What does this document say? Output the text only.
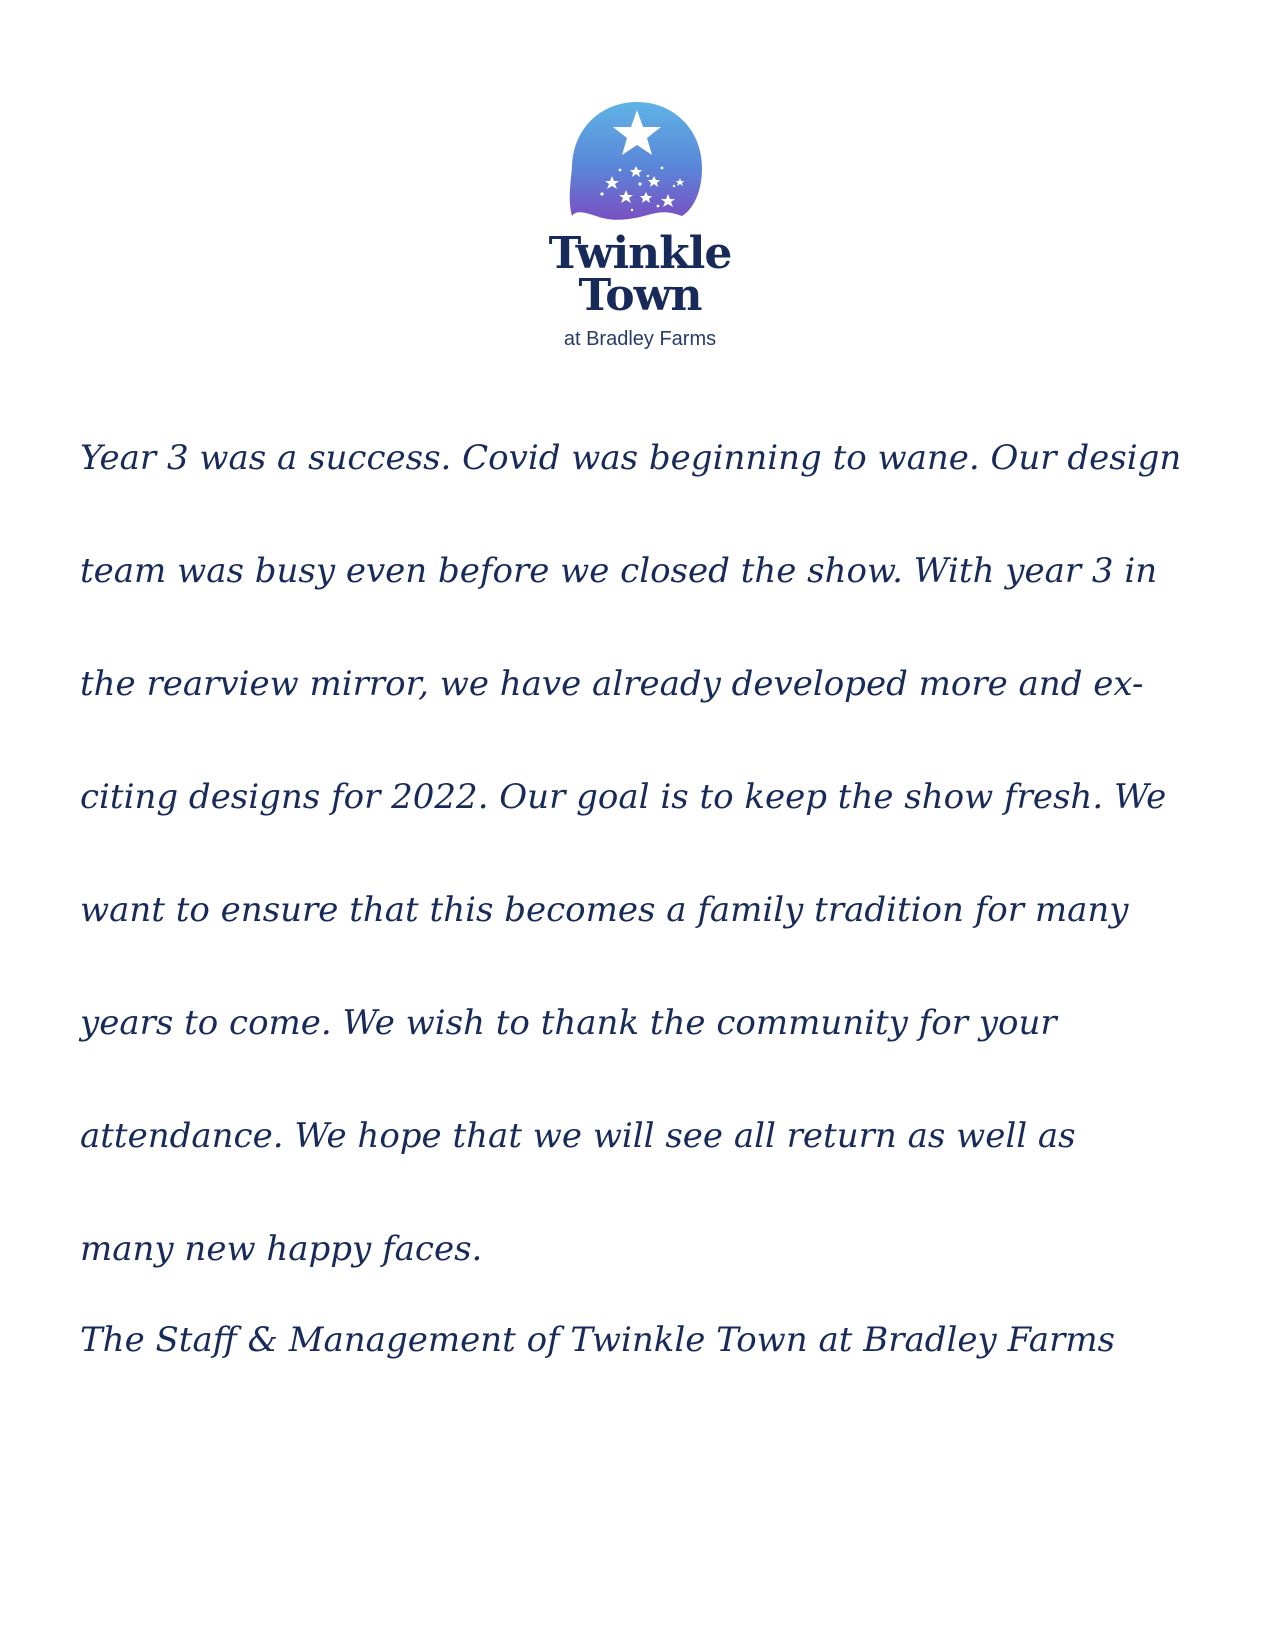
Twinkle
Town
at Bradley Farms

Year 3 was a success. Covid was beginning to wane. Our design
team was busy even before we closed the show. With year 3 in
the rearview mirror, we have already developed more and ex-
citing designs for 2022. Our goal is to keep the show fresh. We
want to ensure that this becomes a family tradition for many
years to come. We wish to thank the community for your
attendance. We hope that we will see all return as well as
many new happy faces.

The Staff & Management of Twinkle Town at Bradley Farms
